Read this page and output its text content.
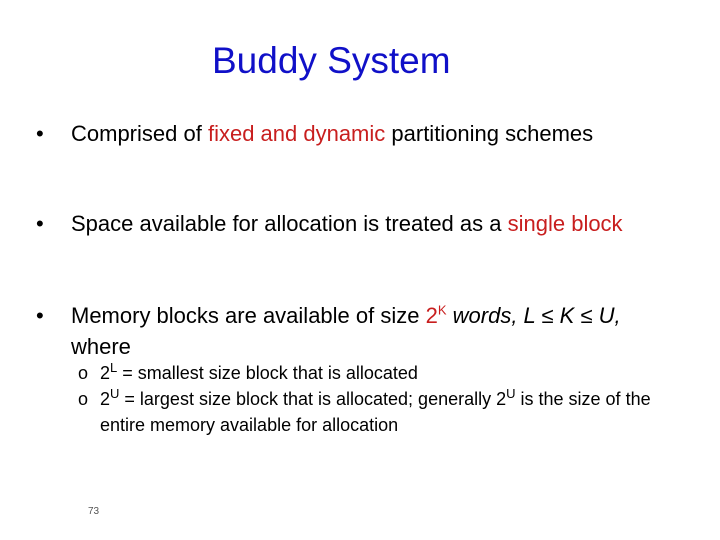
Buddy System
• Comprised of fixed and dynamic partitioning schemes
• Space available for allocation is treated as a single block
• Memory blocks are available of size $2^K$ words, L ≤ K ≤ U, where
o $2^L$ = smallest size block that is allocated
o $2^U$ = largest size block that is allocated; generally $2^U$ is the size of the entire memory available for allocation
73
